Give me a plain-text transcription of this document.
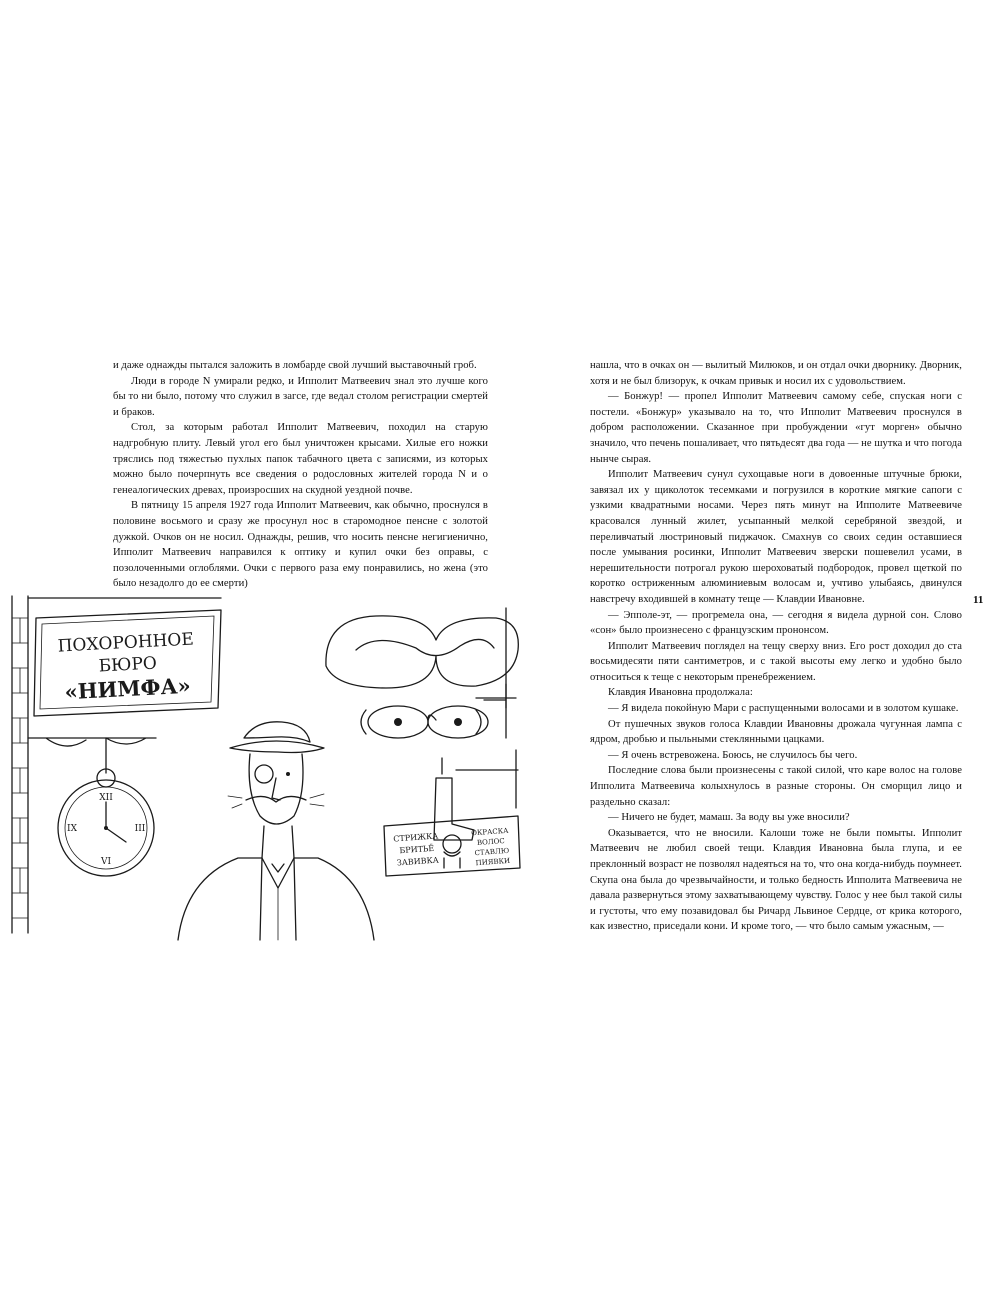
и даже однажды пытался заложить в ломбарде свой лучший выставочный гроб.

Люди в городе N умирали редко, и Ипполит Матвеевич знал это лучше кого бы то ни было, потому что служил в загсе, где ведал столом регистрации смертей и браков.

Стол, за которым работал Ипполит Матвеевич, походил на старую надгробную плиту. Левый угол его был уничтожен крысами. Хилые его ножки тряслись под тяжестью пухлых папок табачного цвета с записями, из которых можно было почерпнуть все сведения о родословных жителей города N и о генеалогических древах, произросших на скудной уездной почве.

В пятницу 15 апреля 1927 года Ипполит Матвеевич, как обычно, проснулся в половине восьмого и сразу же просунул нос в старомодное пенсне с золотой дужкой. Очков он не носил. Однажды, решив, что носить пенсне негигиенично, Ипполит Матвеевич направился к оптику и купил очки без оправы, с позолоченными оглоблями. Очки с первого раза ему понравились, но жена (это было незадолго до ее смерти)

ПОХОРОННОЕ
БЮРО
«НИМФА»
XII
III
VI
IX
СТРИЖКА
БРИТЬЁ
ЗАВИВКА
ОКРАСКА
ВОЛОС
СТАВЛЮ
ПИЯВКИ

нашла, что в очках он — вылитый Милюков, и он отдал очки дворнику. Дворник, хотя и не был близорук, к очкам привык и носил их с удовольствием.

— Бонжур! — пропел Ипполит Матвеевич самому себе, спуская ноги с постели. «Бонжур» указывало на то, что Ипполит Матвеевич проснулся в добром расположении. Сказанное при пробуждении «гут морген» обычно значило, что печень пошаливает, что пятьдесят два года — не шутка и что погода нынче сырая.

Ипполит Матвеевич сунул сухощавые ноги в довоенные штучные брюки, завязал их у щиколоток тесемками и погрузился в короткие мягкие сапоги с узкими квадратными носами. Через пять минут на Ипполите Матвеевиче красовался лунный жилет, усыпанный мелкой серебряной звездой, и переливчатый люстриновый пиджачок. Смахнув со своих седин оставшиеся после умывания росинки, Ипполит Матвеевич зверски пошевелил усами, в нерешительности потрогал рукою шероховатый подбородок, провел щеткой по коротко остриженным алюминиевым волосам и, учтиво улыбаясь, двинулся навстречу входившей в комнату теще — Клавдии Ивановне.

— Эпполе-эт, — прогремела она, — сегодня я видела дурной сон. Слово «сон» было произнесено с французским прононсом.

Ипполит Матвеевич поглядел на тещу сверху вниз. Его рост доходил до ста восьмидесяти пяти сантиметров, и с такой высоты ему легко и удобно было относиться к теще с некоторым пренебрежением.

Клавдия Ивановна продолжала:

— Я видела покойную Мари с распущенными волосами и в золотом кушаке.

От пушечных звуков голоса Клавдии Ивановны дрожала чугунная лампа с ядром, дробью и пыльными стеклянными цацками.

— Я очень встревожена. Боюсь, не случилось бы чего.

Последние слова были произнесены с такой силой, что каре волос на голове Ипполита Матвеевича колыхнулось в разные стороны. Он сморщил лицо и раздельно сказал:

— Ничего не будет, мамаш. За воду вы уже вносили?

Оказывается, что не вносили. Калоши тоже не были помыты. Ипполит Матвеевич не любил своей тещи. Клавдия Ивановна была глупа, и ее преклонный возраст не позволял надеяться на то, что она когда-нибудь поумнеет. Скупа она была до чрезвычайности, и только бедность Ипполита Матвеевича не давала развернуться этому захватывающему чувству. Голос у нее был такой силы и густоты, что ему позавидовал бы Ричард Львиное Сердце, от крика которого, как известно, приседали кони. И кроме того, — что было самым ужасным, —

11
